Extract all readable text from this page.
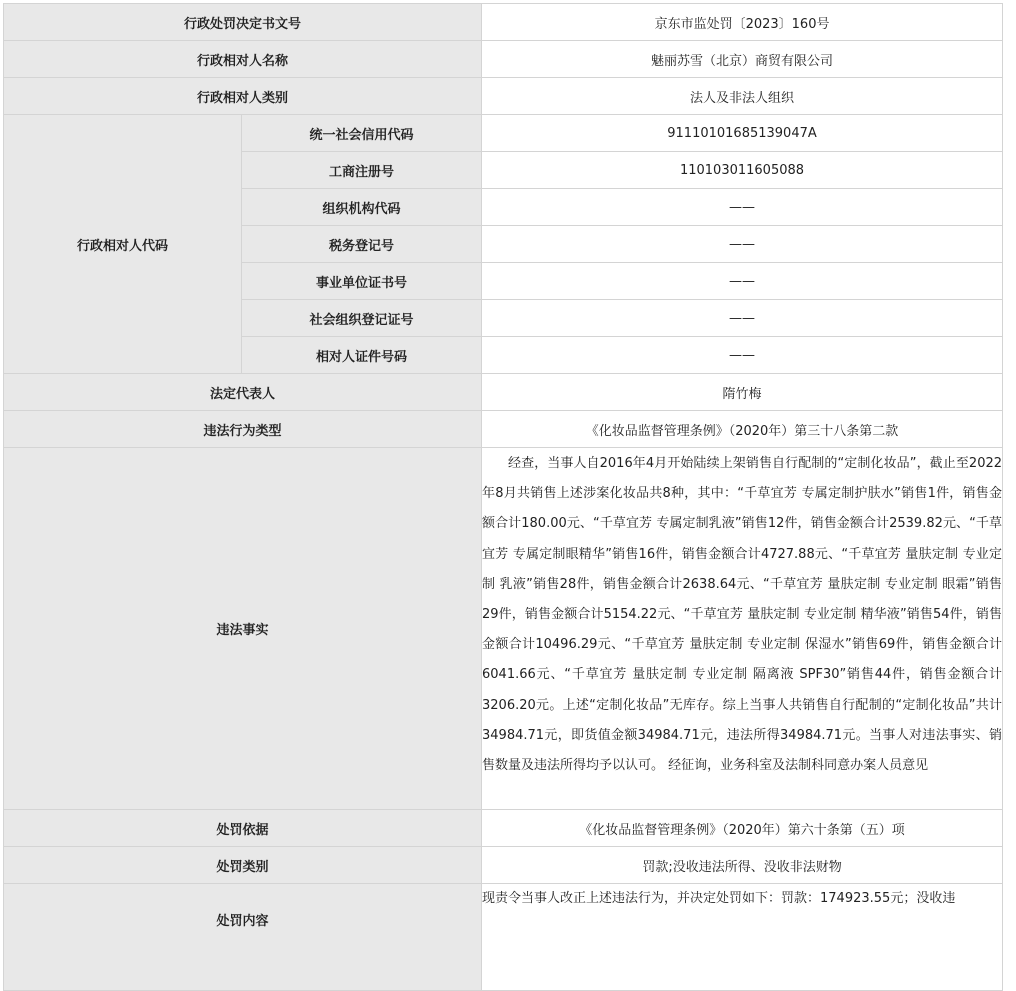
行政处罚决定书文号		京东市监处罚〔2023〕160号
行政相对人名称		魅丽苏雪（北京）商贸有限公司
行政相对人类别		法人及非法人组织
行政相对人代码	统一社会信用代码	91110101685139047A
	工商注册号	110103011605088
	组织机构代码	——
	税务登记号	——
	事业单位证书号	——
	社会组织登记证号	——
	相对人证件号码	——
法定代表人		隋竹梅
违法行为类型		《化妆品监督管理条例》（2020年）第三十八条第二款
违法事实		经查，当事人自2016年4月开始陆续上架销售自行配制的“定制化妆品”，截止至2022年8月共销售上述涉案化妆品共8种，其中：“千草宜芳 专属定制护肤水”销售1件，销售金额合计180.00元、“千草宜芳 专属定制乳液”销售12件，销售金额合计2539.82元、“千草宜芳 专属定制眼精华”销售16件，销售金额合计4727.88元、“千草宜芳 量肤定制 专业定制 乳液”销售28件，销售金额合计2638.64元、“千草宜芳 量肤定制 专业定制 眼霜”销售29件，销售金额合计5154.22元、“千草宜芳 量肤定制 专业定制 精华液”销售54件，销售金额合计10496.29元、“千草宜芳 量肤定制 专业定制 保湿水”销售69件，销售金额合计6041.66元、“千草宜芳 量肤定制 专业定制 隔离液 SPF30”销售44件，销售金额合计3206.20元。上述“定制化妆品”无库存。综上当事人共销售自行配制的“定制化妆品”共计34984.71元，即货值金额34984.71元，违法所得34984.71元。当事人对违法事实、销售数量及违法所得均予以认可。 经征询，业务科室及法制科同意办案人员意见

处罚依据		《化妆品监督管理条例》（2020年）第六十条第（五）项
处罚类别		罚款;没收违法所得、没收非法财物
处罚内容		现责令当事人改正上述违法行为，并决定处罚如下：罚款：174923.55元；没收违
